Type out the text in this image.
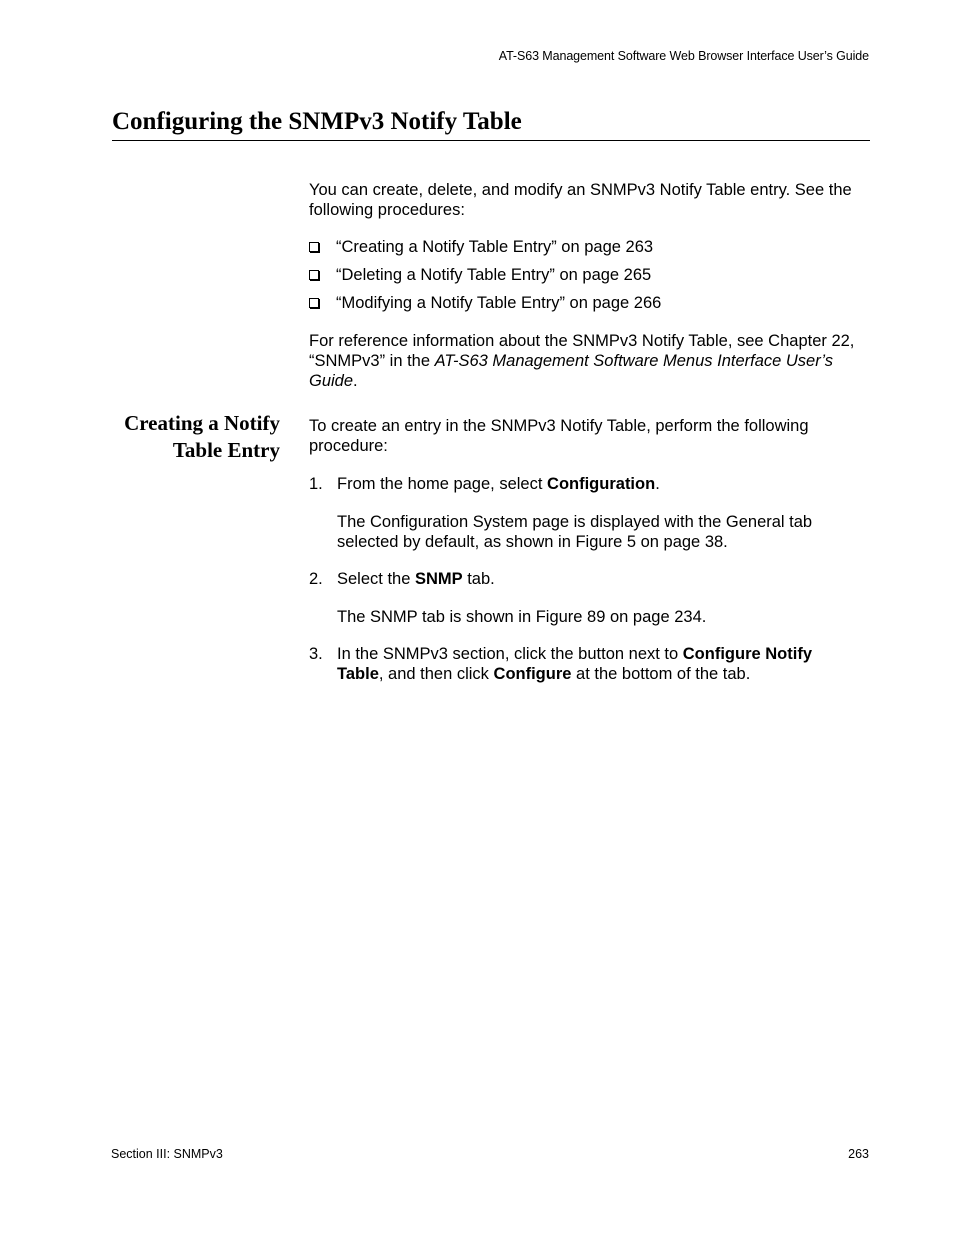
AT-S63 Management Software Web Browser Interface User’s Guide
Configuring the SNMPv3 Notify Table

You can create, delete, and modify an SNMPv3 Notify Table entry. See the following procedures:

“Creating a Notify Table Entry” on page 263
“Deleting a Notify Table Entry” on page 265
“Modifying a Notify Table Entry” on page 266

For reference information about the SNMPv3 Notify Table, see Chapter 22, “SNMPv3” in the AT-S63 Management Software Menus Interface User’s Guide.

Creating a Notify
Table Entry

To create an entry in the SNMPv3 Notify Table, perform the following procedure:

1. From the home page, select Configuration.
The Configuration System page is displayed with the General tab selected by default, as shown in Figure 5 on page 38.
2. Select the SNMP tab.
The SNMP tab is shown in Figure 89 on page 234.
3. In the SNMPv3 section, click the button next to Configure Notify Table, and then click Configure at the bottom of the tab.
Section III: SNMPv3	263
